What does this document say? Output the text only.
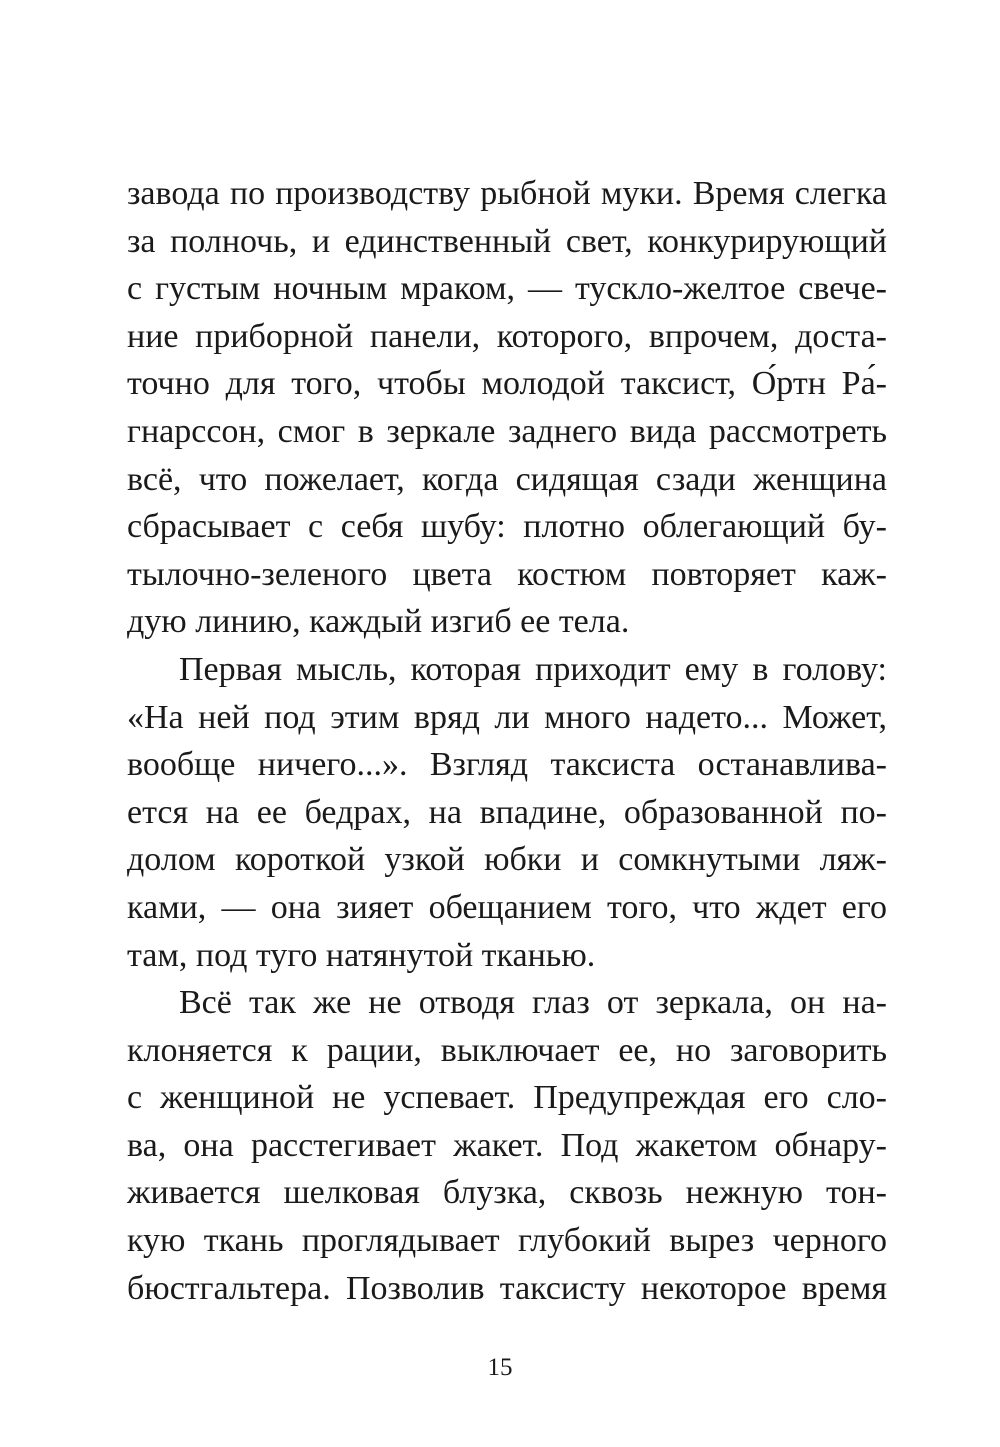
завода по производству рыбной муки. Время слегка
за полночь, и единственный свет, конкурирующий
с густым ночным мраком, — тускло-желтое свече-
ние приборной панели, которого, впрочем, доста-
точно для того, чтобы молодой таксист, О́ртн Ра́-
гнарссон, смог в зеркале заднего вида рассмотреть
всё, что пожелает, когда сидящая сзади женщина
сбрасывает с себя шубу: плотно облегающий бу-
тылочно-зеленого цвета костюм повторяет каж-
дую линию, каждый изгиб ее тела.
Первая мысль, которая приходит ему в голову:
«На ней под этим вряд ли много надето... Может,
вообще ничего...». Взгляд таксиста останавлива-
ется на ее бедрах, на впадине, образованной по-
долом короткой узкой юбки и сомкнутыми ляж-
ками, — она зияет обещанием того, что ждет его
там, под туго натянутой тканью.
Всё так же не отводя глаз от зеркала, он на-
клоняется к рации, выключает ее, но заговорить
с женщиной не успевает. Предупреждая его сло-
ва, она расстегивает жакет. Под жакетом обнару-
живается шелковая блузка, сквозь нежную тон-
кую ткань проглядывает глубокий вырез черного
бюстгальтера. Позволив таксисту некоторое время
15
